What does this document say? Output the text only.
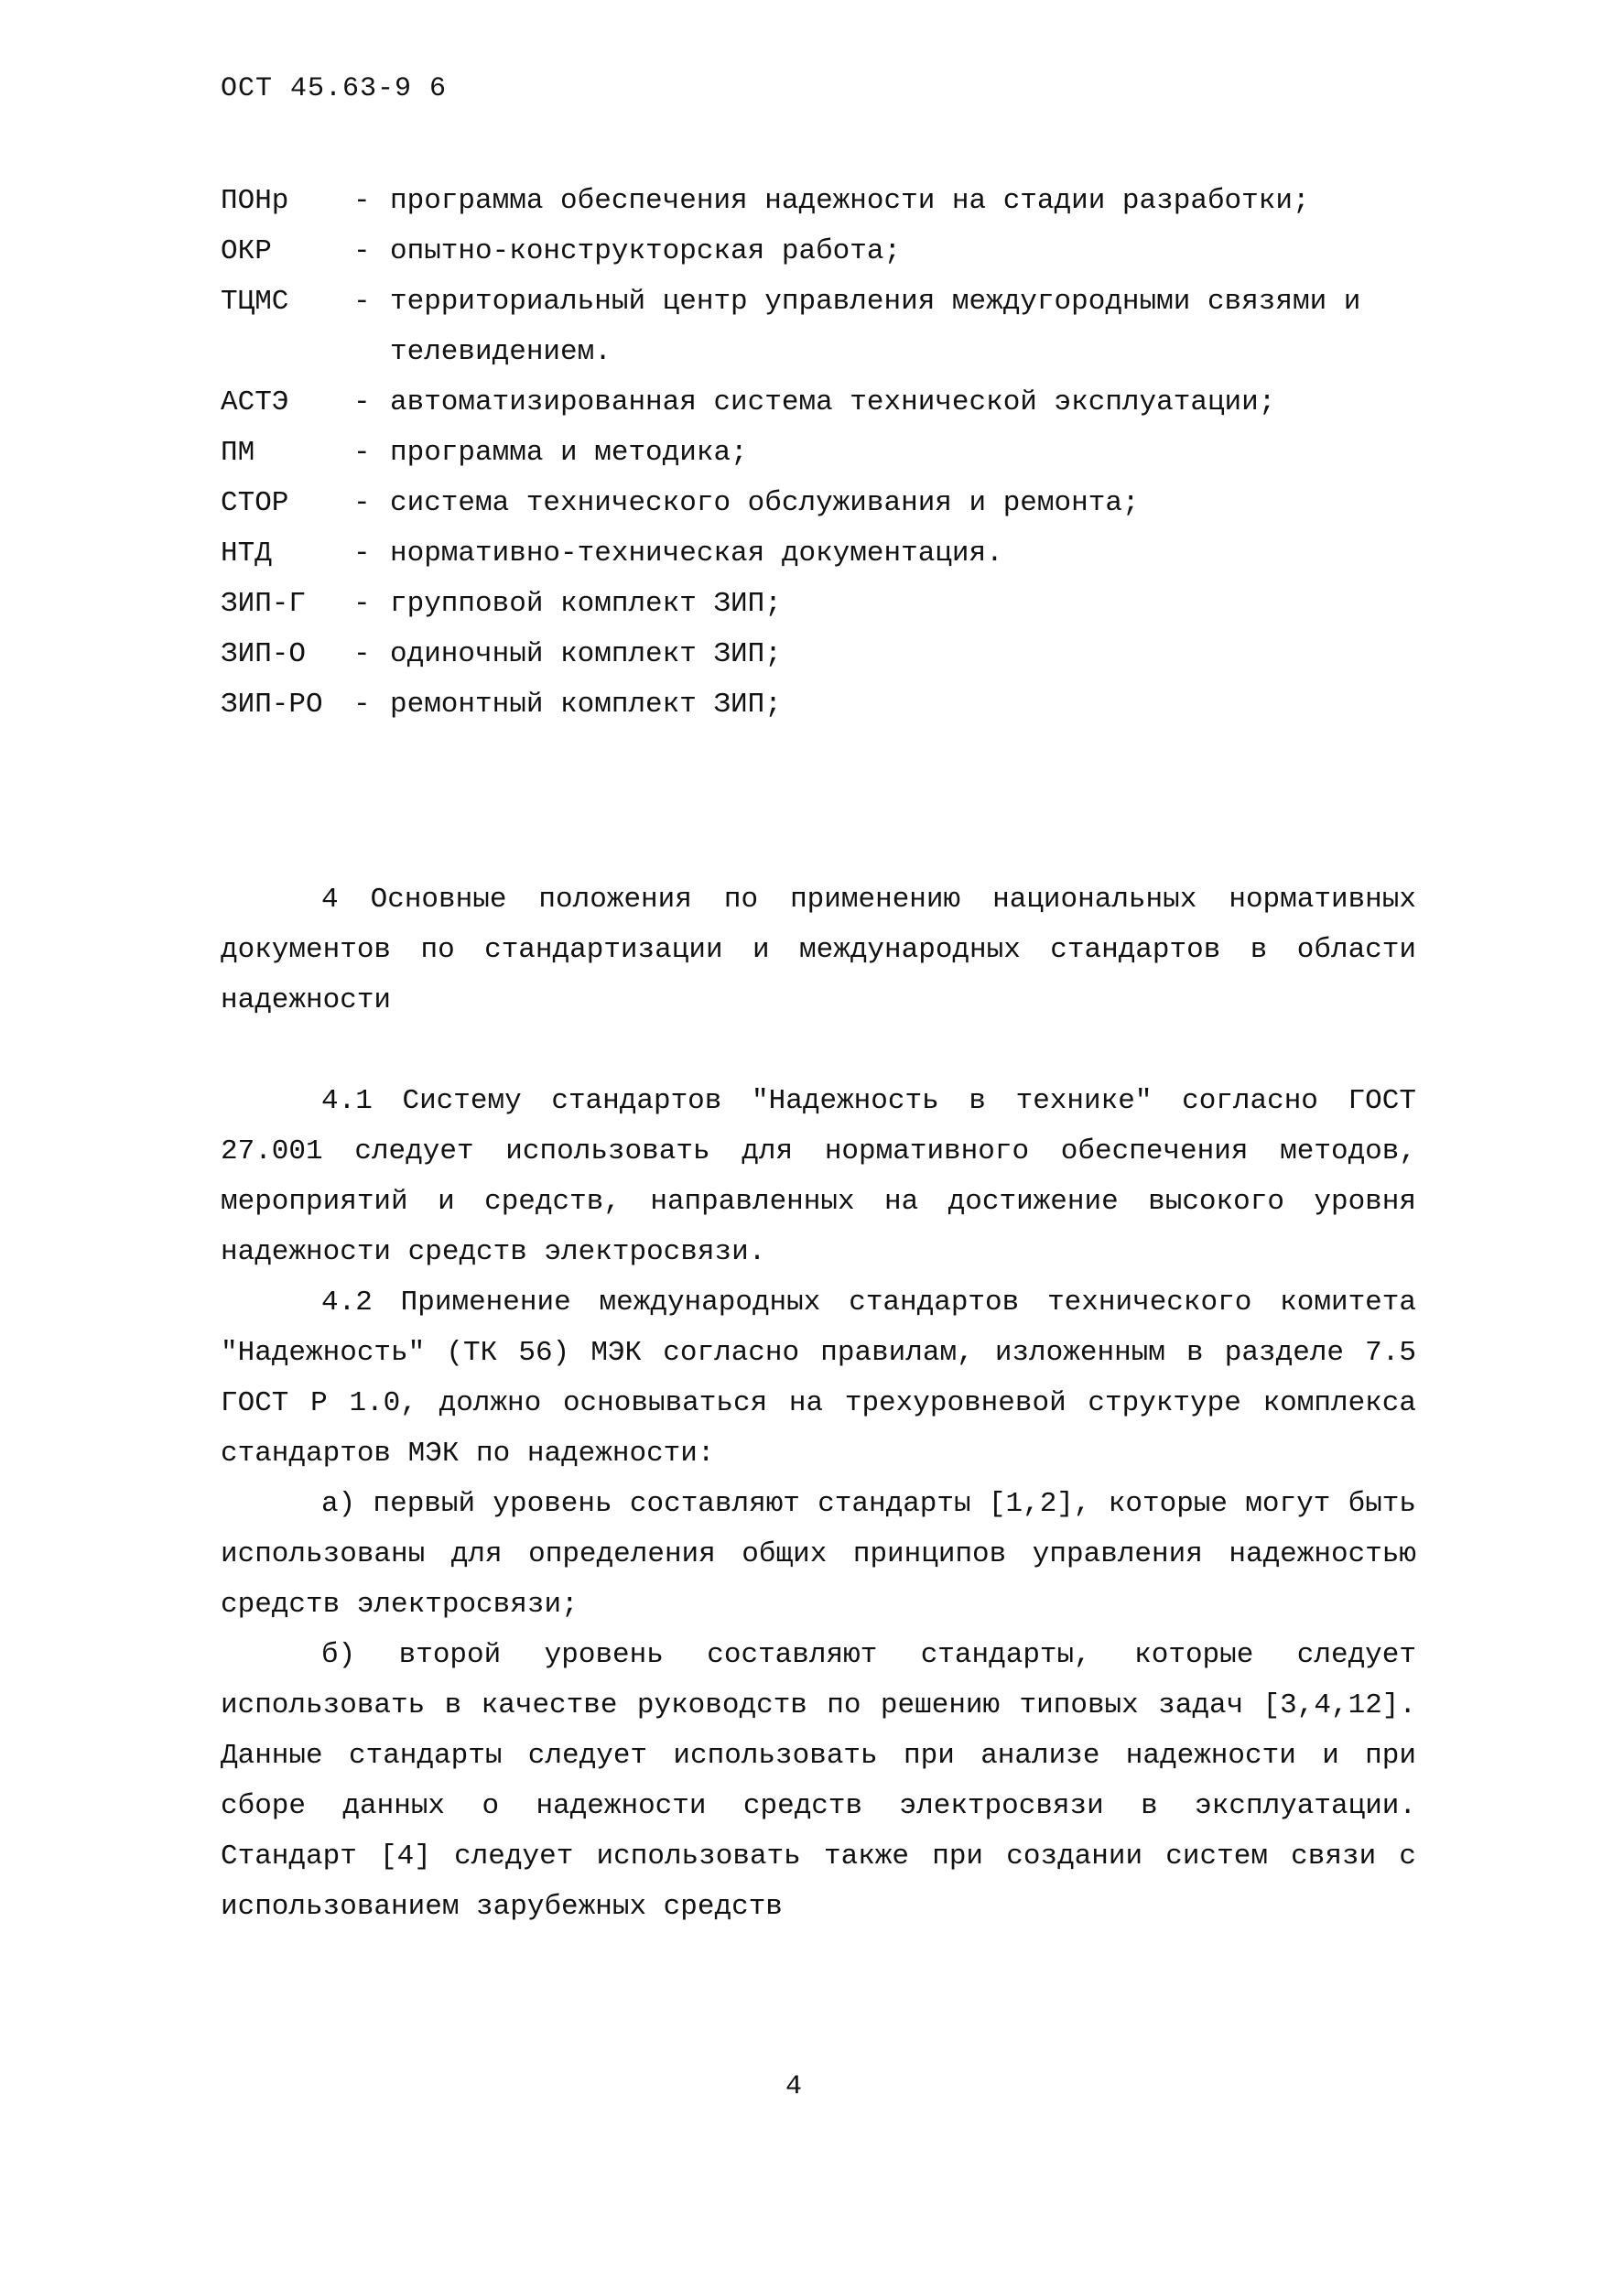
ОСТ 45.63-9 6
ПОНр	- программа обеспечения надежности на стадии разработки;
ОКР	- опытно-конструкторская работа;
ТЦМС	- территориальный центр управления междугородными связями и телевидением.
АСТЭ	- автоматизированная система технической эксплуатации;
ПМ	- программа и методика;
СТОР	- система технического обслуживания и ремонта;
НТД	- нормативно-техническая документация.
ЗИП-Г	- групповой комплект ЗИП;
ЗИП-О	- одиночный комплект ЗИП;
ЗИП-РО	- ремонтный комплект ЗИП;

4 Основные положения по применению национальных нормативных документов по стандартизации и международных стандартов в области надежности

4.1 Систему стандартов "Надежность в технике" согласно ГОСТ 27.001 следует использовать для нормативного обеспечения методов, мероприятий и средств, направленных на достижение высокого уровня надежности средств электросвязи.

4.2 Применение международных стандартов технического комитета "Надежность" (ТК 56) МЭК согласно правилам, изложенным в разделе 7.5 ГОСТ Р 1.0, должно основываться на трехуровневой структуре комплекса стандартов МЭК по надежности:

а) первый уровень составляют стандарты [1,2], которые могут быть использованы для определения общих принципов управления надежностью средств электросвязи;

б) второй уровень составляют стандарты, которые следует использовать в качестве руководств по решению типовых задач [3,4,12]. Данные стандарты следует использовать при анализе надежности и при сборе данных о надежности средств электросвязи в эксплуатации. Стандарт [4] следует использовать также при создании систем связи с использованием зарубежных средств

4
